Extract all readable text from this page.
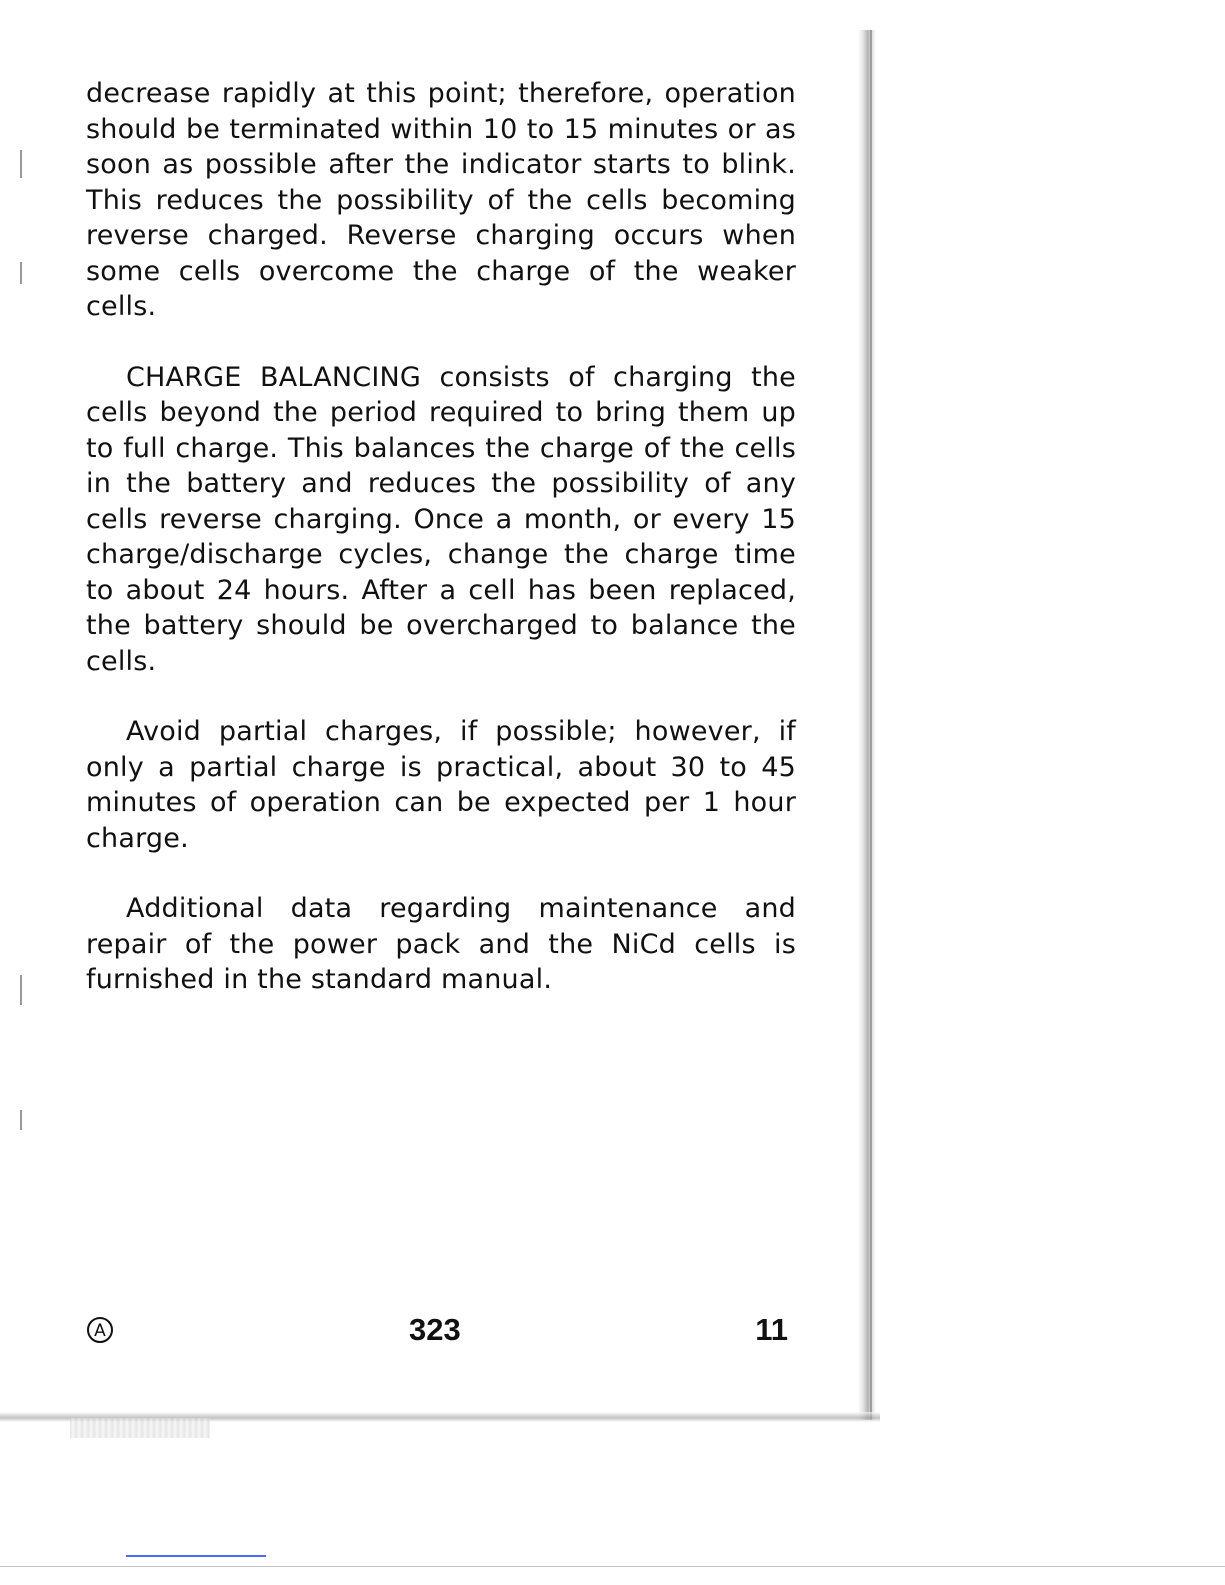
decrease rapidly at this point; therefore, operation should be terminated within 10 to 15 minutes or as soon as possible after the indicator starts to blink. This reduces the possibility of the cells becoming reverse charged. Reverse charging occurs when some cells overcome the charge of the weaker cells.

CHARGE BALANCING consists of charging the cells beyond the period required to bring them up to full charge. This balances the charge of the cells in the battery and reduces the possibility of any cells reverse charging. Once a month, or every 15 charge/discharge cycles, change the charge time to about 24 hours. After a cell has been replaced, the battery should be overcharged to balance the cells.

Avoid partial charges, if possible; however, if only a partial charge is practical, about 30 to 45 minutes of operation can be expected per 1 hour charge.

Additional data regarding maintenance and repair of the power pack and the NiCd cells is furnished in the standard manual.

A	323	11
